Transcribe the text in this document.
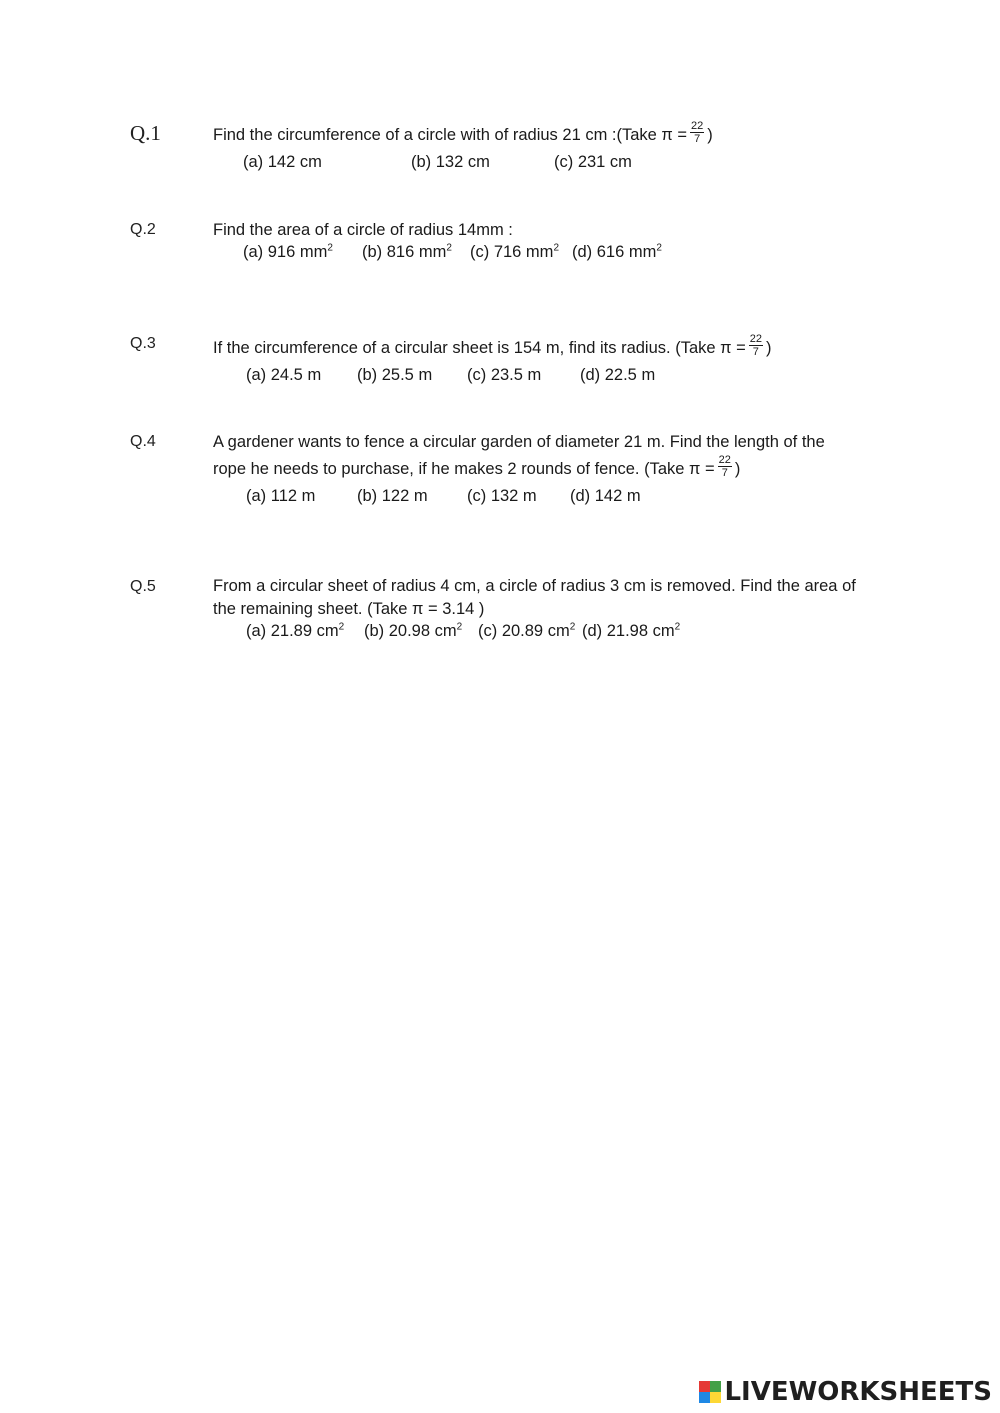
Q.1	Find the circumference of a circle with of radius 21 cm :(Take $\pi = \frac{22}{7}$ )
(a) 142 cm	(b) 132 cm	(c) 231 cm
Q.2	Find the area of a circle of radius 14mm :
(a) 916 $mm^2$ (b) 816 $mm^2$ (c) 716 $mm^2$ (d) 616 $mm^2$
Q.3	If the circumference of a circular sheet is 154 m, find its radius. (Take $\pi = \frac{22}{7}$ )
(a) 24.5 m (b) 25.5 m (c) 23.5 m (d) 22.5 m
Q.4	A gardener wants to fence a circular garden of diameter 21 m. Find the length of the
rope he needs to purchase, if he makes 2 rounds of fence. (Take $\pi = \frac{22}{7}$ )
(a) 112 m	(b) 122 m (c) 132 m (d) 142 m
Q.5	From a circular sheet of radius 4 cm, a circle of radius 3 cm is removed. Find the area of
the remaining sheet. (Take π = 3.14 )
(a) 21.89 $cm^2$ (b) 20.98 $cm^2$ (c) 20.89 $cm^2$ (d) 21.98 $cm^2$
LIVEWORKSHEETS
